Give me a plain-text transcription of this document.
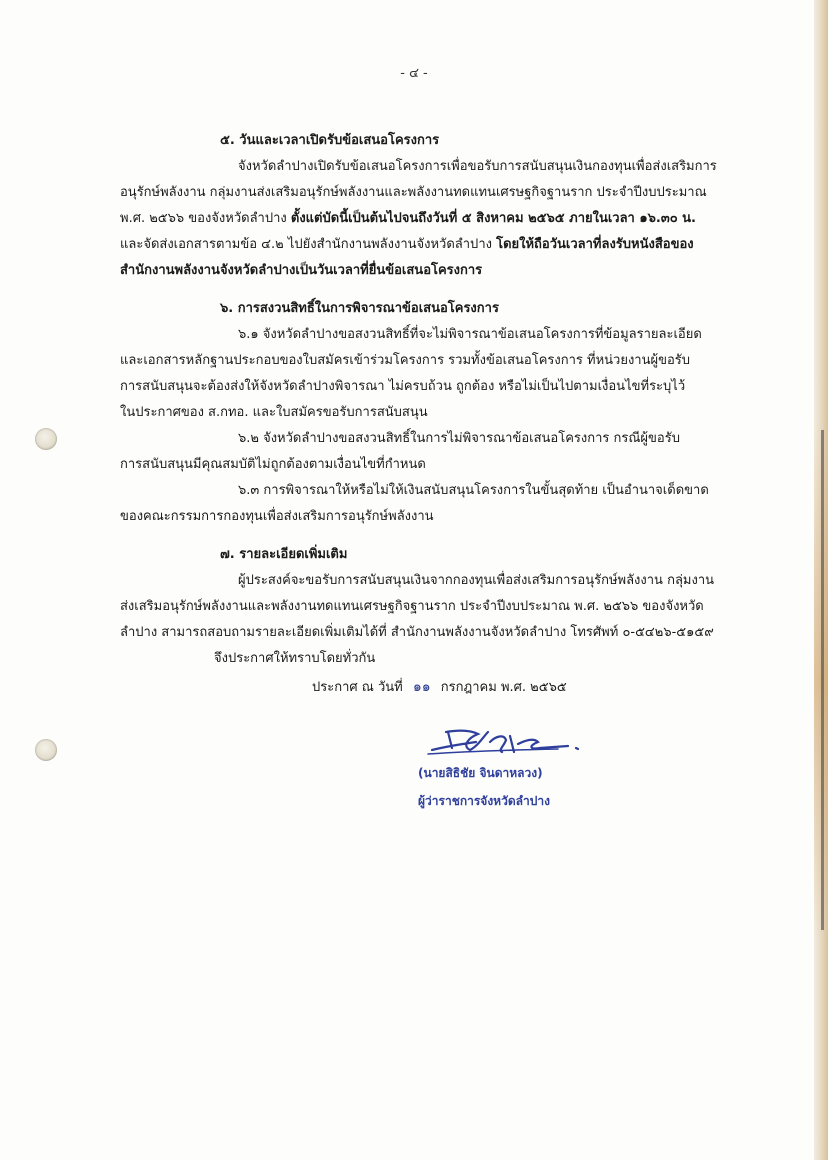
- ๔ -

๕. วันและเวลาเปิดรับข้อเสนอโครงการ

จังหวัดลำปางเปิดรับข้อเสนอโครงการเพื่อขอรับการสนับสนุนเงินกองทุนเพื่อส่งเสริมการ

อนุรักษ์พลังงาน กลุ่มงานส่งเสริมอนุรักษ์พลังงานและพลังงานทดแทนเศรษฐกิจฐานราก ประจำปีงบประมาณ

พ.ศ. ๒๕๖๖ ของจังหวัดลำปาง ตั้งแต่บัดนี้เป็นต้นไปจนถึงวันที่ ๕ สิงหาคม ๒๕๖๕ ภายในเวลา ๑๖.๓๐ น.

และจัดส่งเอกสารตามข้อ ๔.๒ ไปยังสำนักงานพลังงานจังหวัดลำปาง โดยให้ถือวันเวลาที่ลงรับหนังสือของ

สำนักงานพลังงานจังหวัดลำปางเป็นวันเวลาที่ยื่นข้อเสนอโครงการ

๖. การสงวนสิทธิ์ในการพิจารณาข้อเสนอโครงการ

๖.๑ จังหวัดลำปางขอสงวนสิทธิ์ที่จะไม่พิจารณาข้อเสนอโครงการที่ข้อมูลรายละเอียด

และเอกสารหลักฐานประกอบของใบสมัครเข้าร่วมโครงการ รวมทั้งข้อเสนอโครงการ ที่หน่วยงานผู้ขอรับ

การสนับสนุนจะต้องส่งให้จังหวัดลำปางพิจารณา ไม่ครบถ้วน ถูกต้อง หรือไม่เป็นไปตามเงื่อนไขที่ระบุไว้

ในประกาศของ ส.กทอ. และใบสมัครขอรับการสนับสนุน

๖.๒ จังหวัดลำปางขอสงวนสิทธิ์ในการไม่พิจารณาข้อเสนอโครงการ กรณีผู้ขอรับ

การสนับสนุนมีคุณสมบัติไม่ถูกต้องตามเงื่อนไขที่กำหนด

๖.๓ การพิจารณาให้หรือไม่ให้เงินสนับสนุนโครงการในขั้นสุดท้าย เป็นอำนาจเด็ดขาด

ของคณะกรรมการกองทุนเพื่อส่งเสริมการอนุรักษ์พลังงาน

๗. รายละเอียดเพิ่มเติม

ผู้ประสงค์จะขอรับการสนับสนุนเงินจากกองทุนเพื่อส่งเสริมการอนุรักษ์พลังงาน กลุ่มงาน

ส่งเสริมอนุรักษ์พลังงานและพลังงานทดแทนเศรษฐกิจฐานราก ประจำปีงบประมาณ พ.ศ. ๒๕๖๖ ของจังหวัด

ลำปาง สามารถสอบถามรายละเอียดเพิ่มเติมได้ที่ สำนักงานพลังงานจังหวัดลำปาง โทรศัพท์ ๐-๕๔๒๖-๕๑๕๙

จึงประกาศให้ทราบโดยทั่วกัน

ประกาศ ณ วันที่ ๑๑ กรกฎาคม พ.ศ. ๒๕๖๕
(นายสิธิชัย จินดาหลวง)
ผู้ว่าราชการจังหวัดลำปาง
